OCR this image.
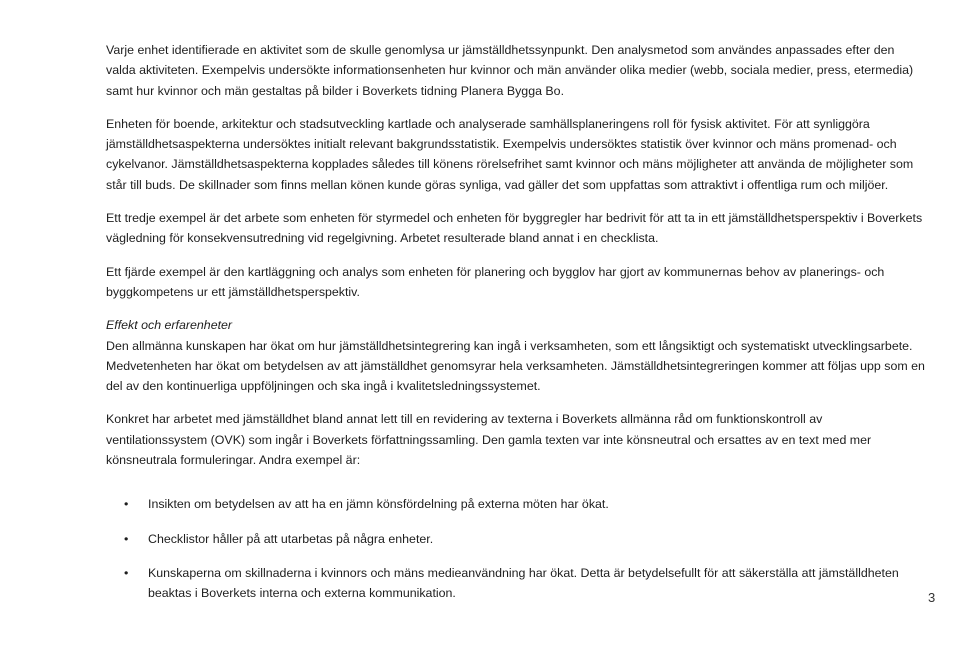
Varje enhet identifierade en aktivitet som de skulle genomlysa ur jämställdhetssynpunkt. Den analysmetod som användes anpassades efter den valda aktiviteten. Exempelvis undersökte informationsenheten hur kvinnor och män använder olika medier (webb, sociala medier, press, etermedia) samt hur kvinnor och män gestaltas på bilder i Boverkets tidning Planera Bygga Bo.

Enheten för boende, arkitektur och stadsutveckling kartlade och analyserade samhällsplaneringens roll för fysisk aktivitet. För att synliggöra jämställdhetsaspekterna undersöktes initialt relevant bakgrundsstatistik. Exempelvis undersöktes statistik över kvinnor och mäns promenad- och cykelvanor. Jämställdhetsaspekterna kopplades således till könens rörelsefrihet samt kvinnor och mäns möjligheter att använda de möjligheter som står till buds. De skillnader som finns mellan könen kunde göras synliga, vad gäller det som uppfattas som attraktivt i offentliga rum och miljöer.

Ett tredje exempel är det arbete som enheten för styrmedel och enheten för byggregler har bedrivit för att ta in ett jämställdhetsperspektiv i Boverkets vägledning för konsekvensutredning vid regelgivning. Arbetet resulterade bland annat i en checklista.

Ett fjärde exempel är den kartläggning och analys som enheten för planering och bygglov har gjort av kommunernas behov av planerings- och byggkompetens ur ett jämställdhetsperspektiv.

Effekt och erfarenheter

Den allmänna kunskapen har ökat om hur jämställdhetsintegrering kan ingå i verksamheten, som ett långsiktigt och systematiskt utvecklingsarbete. Medvetenheten har ökat om betydelsen av att jämställdhet genomsyrar hela verksamheten. Jämställdhetsintegreringen kommer att följas upp som en del av den kontinuerliga uppföljningen och ska ingå i kvalitetsledningssystemet.

Konkret har arbetet med jämställdhet bland annat lett till en revidering av texterna i Boverkets allmänna råd om funktionskontroll av ventilationssystem (OVK) som ingår i Boverkets författningssamling. Den gamla texten var inte könsneutral och ersattes av en text med mer könsneutrala formuleringar. Andra exempel är:

• Insikten om betydelsen av att ha en jämn könsfördelning på externa möten har ökat.
• Checklistor håller på att utarbetas på några enheter.
• Kunskaperna om skillnaderna i kvinnors och mäns medieanvändning har ökat. Detta är betydelsefullt för att säkerställa att jämställdheten beaktas i Boverkets interna och externa kommunikation.	3
